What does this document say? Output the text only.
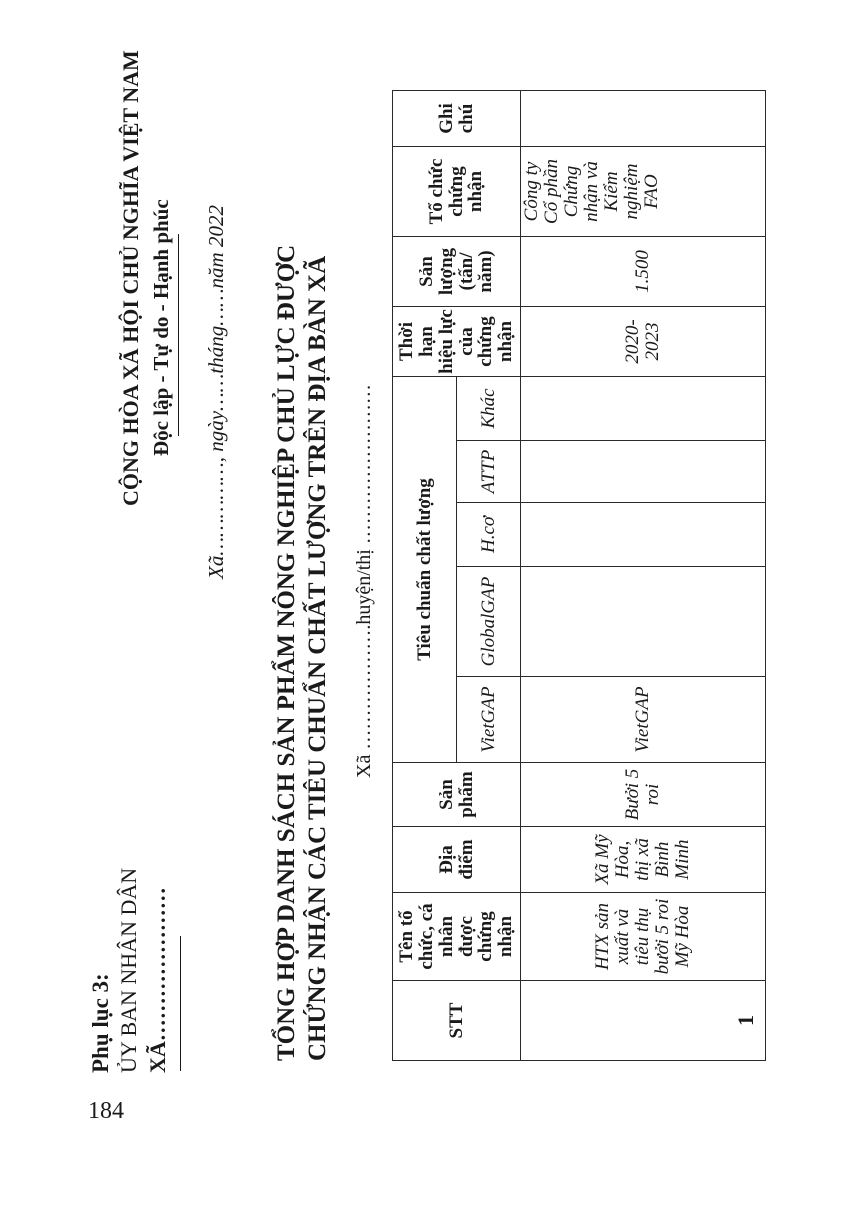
184
Phụ lục 3: ỦY BAN NHÂN DÂN XÃ…………………
CỘNG HÒA XÃ HỘI CHỦ NGHĨA VIỆT NAM Độc lập - Tự do - Hạnh phúc Xã……………, ngày……tháng……năm 2022 TỔNG HỢP DANH SÁCH SẢN PHẨM NÔNG NGHIỆP CHỦ LỰC ĐƯỢC CHỨNG NHẬN CÁC TIÊU CHUẨN CHẤT LƯỢNG TRÊN ĐỊA BÀN XÃ Xã ……………….huyện/thị ……………………
STT	Tên tổ chức, cá nhân được chứng nhận	Địa điểm	Sản phẩm	Tiêu chuẩn chất lượng					Thời hạn hiệu lực của chứng nhận	Sản lượng (tấn/ năm)	Tổ chức chứng nhận	Ghi chú
				VietGAP	GlobalGAP	H.cơ	ATTP	Khác				
1	HTX sản xuất và tiêu thụ bưởi 5 roi Mỹ Hòa	Xã Mỹ Hòa, thị xã Bình Minh	Bưởi 5 roi	VietGAP					2020-2023	1.500	Công ty Cổ phần Chứng nhận và Kiểm nghiệm FAO	
